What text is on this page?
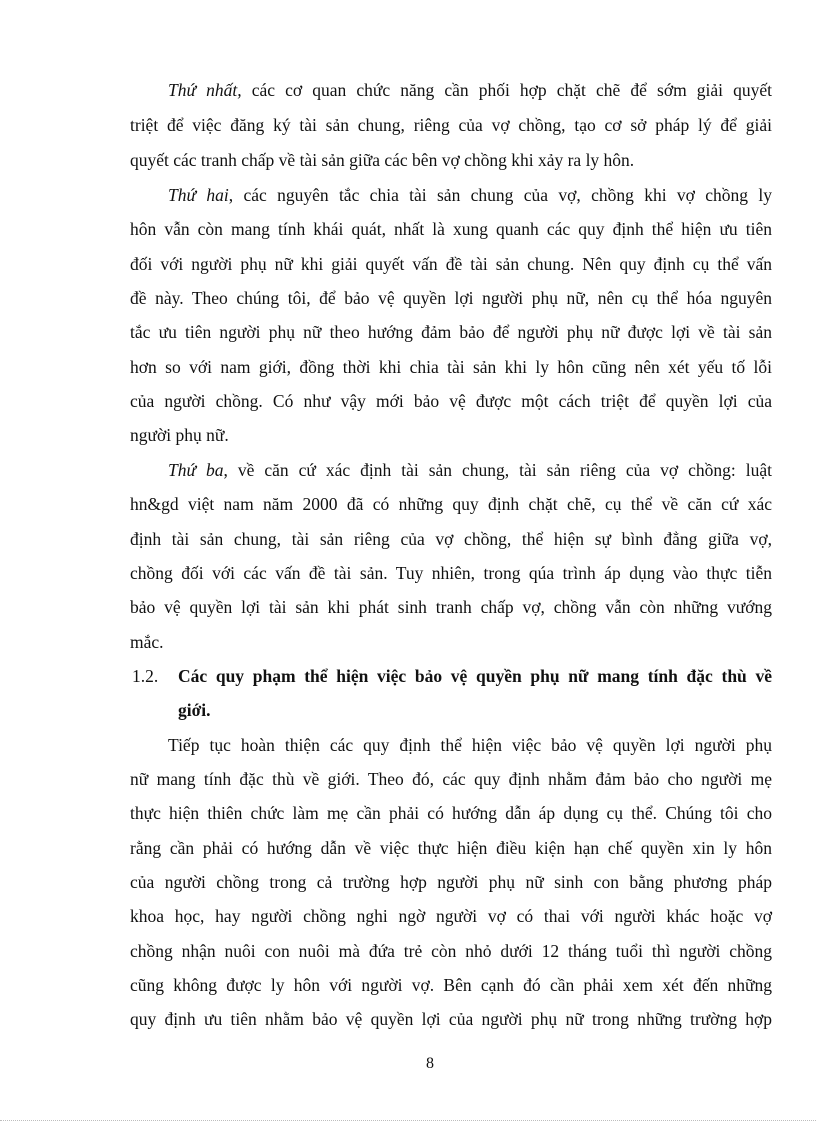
Thứ nhất, các cơ quan chức năng cần phối hợp chặt chẽ để sớm giải quyết
triệt để việc đăng ký tài sản chung, riêng của vợ chồng, tạo cơ sở pháp lý để giải
quyết các tranh chấp về tài sản giữa các bên vợ chồng khi xảy ra ly hôn.
Thứ hai, các nguyên tắc chia tài sản chung của vợ, chồng khi vợ chồng ly
hôn vẫn còn mang tính khái quát, nhất là xung quanh các quy định thể hiện ưu tiên
đối với người phụ nữ khi giải quyết vấn đề tài sản chung. Nên quy định cụ thể vấn
đề này. Theo chúng tôi, để bảo vệ quyền lợi người phụ nữ, nên cụ thể hóa nguyên
tắc ưu tiên người phụ nữ theo hướng đảm bảo để người phụ nữ được lợi về tài sản
hơn so với nam giới, đồng thời khi chia tài sản khi ly hôn cũng nên xét yếu tố lỗi
của người chồng. Có như vậy mới bảo vệ được một cách triệt để quyền lợi của
người phụ nữ.
Thứ ba, về căn cứ xác định tài sản chung, tài sản riêng của vợ chồng: luật
hn&gd việt nam năm 2000 đã có những quy định chặt chẽ, cụ thể về căn cứ xác
định tài sản chung, tài sản riêng của vợ chồng, thể hiện sự bình đẳng giữa vợ,
chồng đối với các vấn đề tài sản. Tuy nhiên, trong qúa trình áp dụng vào thực tiễn
bảo vệ quyền lợi tài sản khi phát sinh tranh chấp vợ, chồng vẫn còn những vướng
mắc.
1.2. Các quy phạm thể hiện việc bảo vệ quyền phụ nữ mang tính đặc thù về
giới.
Tiếp tục hoàn thiện các quy định thể hiện việc bảo vệ quyền lợi người phụ
nữ mang tính đặc thù về giới. Theo đó, các quy định nhằm đảm bảo cho người mẹ
thực hiện thiên chức làm mẹ cần phải có hướng dẫn áp dụng cụ thể. Chúng tôi cho
rằng cần phải có hướng dẫn về việc thực hiện điều kiện hạn chế quyền xin ly hôn
của người chồng trong cả trường hợp người phụ nữ sinh con bằng phương pháp
khoa học, hay người chồng nghi ngờ người vợ có thai với người khác hoặc vợ
chồng nhận nuôi con nuôi mà đứa trẻ còn nhỏ dưới 12 tháng tuổi thì người chồng
cũng không được ly hôn với người vợ. Bên cạnh đó cần phải xem xét đến những
quy định ưu tiên nhằm bảo vệ quyền lợi của người phụ nữ trong những trường hợp
8
